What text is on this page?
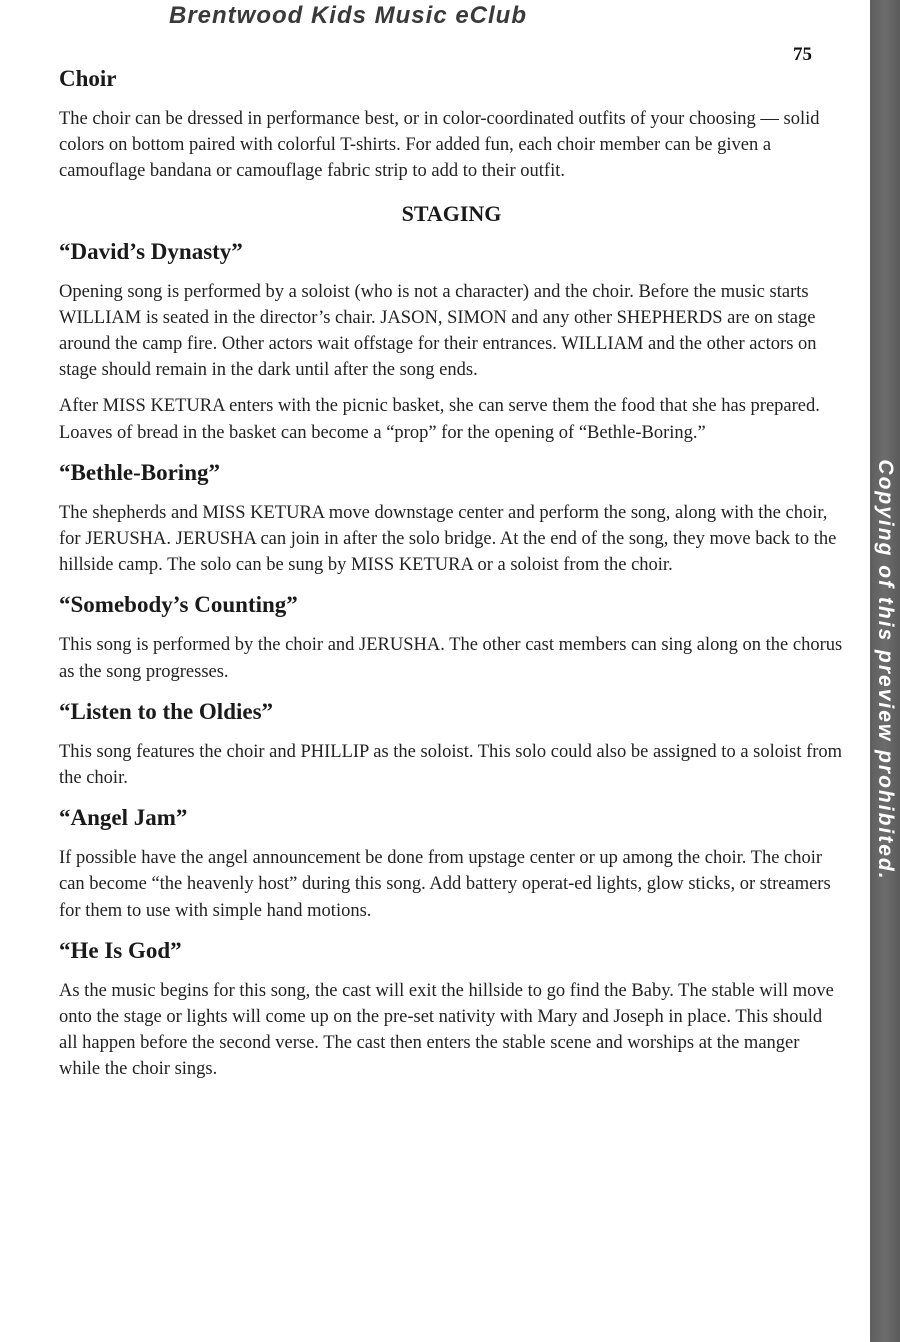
Brentwood Kids Music eClub
75
Choir

The choir can be dressed in performance best, or in color-coordinated outfits of your choosing — solid colors on bottom paired with colorful T-shirts. For added fun, each choir member can be given a camouflage bandana or camouflage fabric strip to add to their outfit.

STAGING
“David’s Dynasty”

Opening song is performed by a soloist (who is not a character) and the choir. Before the music starts WILLIAM is seated in the director’s chair. JASON, SIMON and any other SHEPHERDS are on stage around the camp fire. Other actors wait offstage for their entrances. WILLIAM and the other actors on stage should remain in the dark until after the song ends.

After MISS KETURA enters with the picnic basket, she can serve them the food that she has prepared. Loaves of bread in the basket can become a “prop” for the opening of “Bethle-Boring.”

“Bethle-Boring”

The shepherds and MISS KETURA move downstage center and perform the song, along with the choir, for JERUSHA. JERUSHA can join in after the solo bridge. At the end of the song, they move back to the hillside camp. The solo can be sung by MISS KETURA or a soloist from the choir.

“Somebody’s Counting”

This song is performed by the choir and JERUSHA. The other cast members can sing along on the chorus as the song progresses.

“Listen to the Oldies”

This song features the choir and PHILLIP as the soloist. This solo could also be assigned to a soloist from the choir.

“Angel Jam”

If possible have the angel announcement be done from upstage center or up among the choir. The choir can become “the heavenly host” during this song. Add battery operat-ed lights, glow sticks, or streamers for them to use with simple hand motions.

“He Is God”

As the music begins for this song, the cast will exit the hillside to go find the Baby. The stable will move onto the stage or lights will come up on the pre-set nativity with Mary and Joseph in place. This should all happen before the second verse. The cast then enters the stable scene and worships at the manger while the choir sings.

Copying of this preview prohibited.
